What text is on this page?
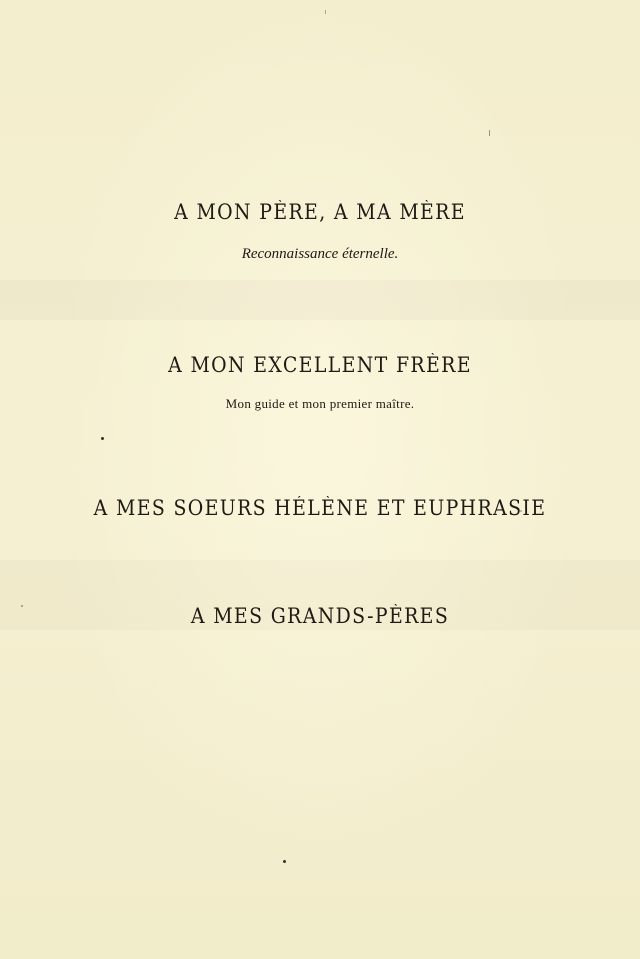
A MON PÈRE, A MA MÈRE
Reconnaissance éternelle.
A MON EXCELLENT FRÈRE
Mon guide et mon premier maître.
A MES SOEURS HÉLÈNE ET EUPHRASIE
A MES GRANDS-PÈRES
